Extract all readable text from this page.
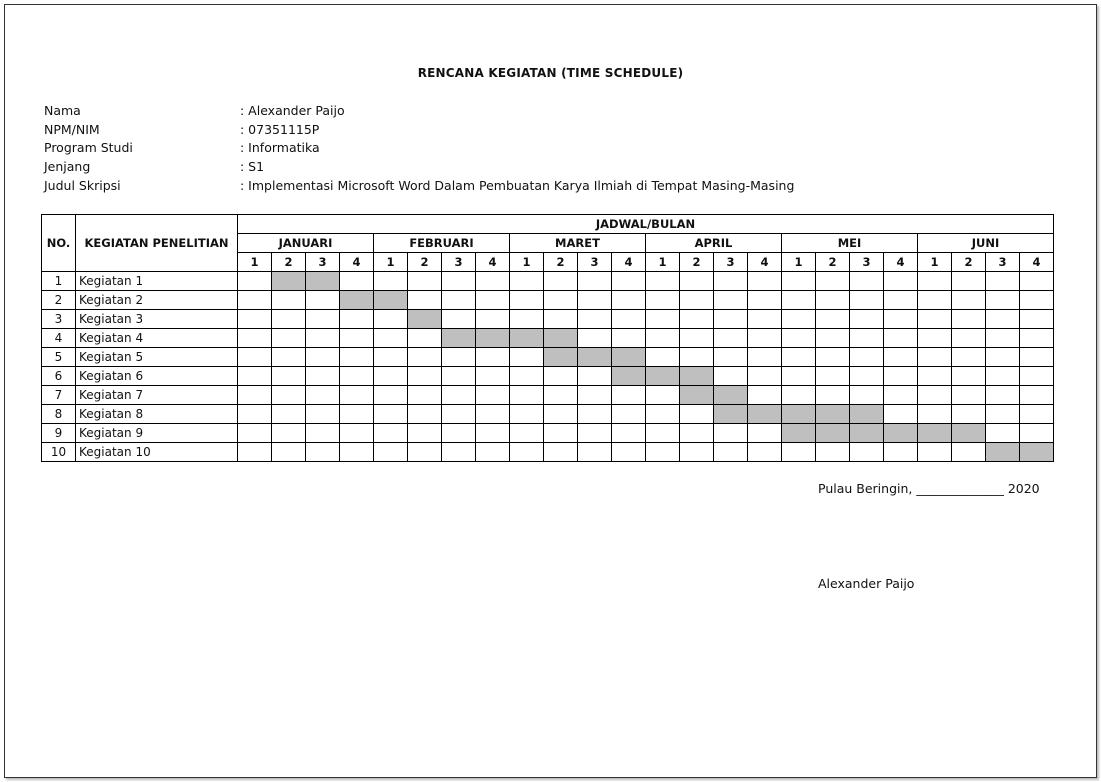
RENCANA KEGIATAN (TIME SCHEDULE)
Nama	: Alexander Paijo
NPM/NIM	: 07351115P
Program Studi	: Informatika
Jenjang	: S1
Judul Skripsi	: Implementasi Microsoft Word Dalam Pembuatan Karya Ilmiah di Tempat Masing-Masing
NO.	KEGIATAN PENELITIAN	JADWAL/BULAN																							
		JANUARI				FEBRUARI				MARET				APRIL				MEI				JUNI			
		1	2	3	4	1	2	3	4	1	2	3	4	1	2	3	4	1	2	3	4	1	2	3	4
1	Kegiatan 1																								
2	Kegiatan 2																								
3	Kegiatan 3																								
4	Kegiatan 4																								
5	Kegiatan 5																								
6	Kegiatan 6																								
7	Kegiatan 7																								
8	Kegiatan 8																								
9	Kegiatan 9																								
10	Kegiatan 10																								
Pulau Beringin, ______________ 2020
Alexander Paijo
